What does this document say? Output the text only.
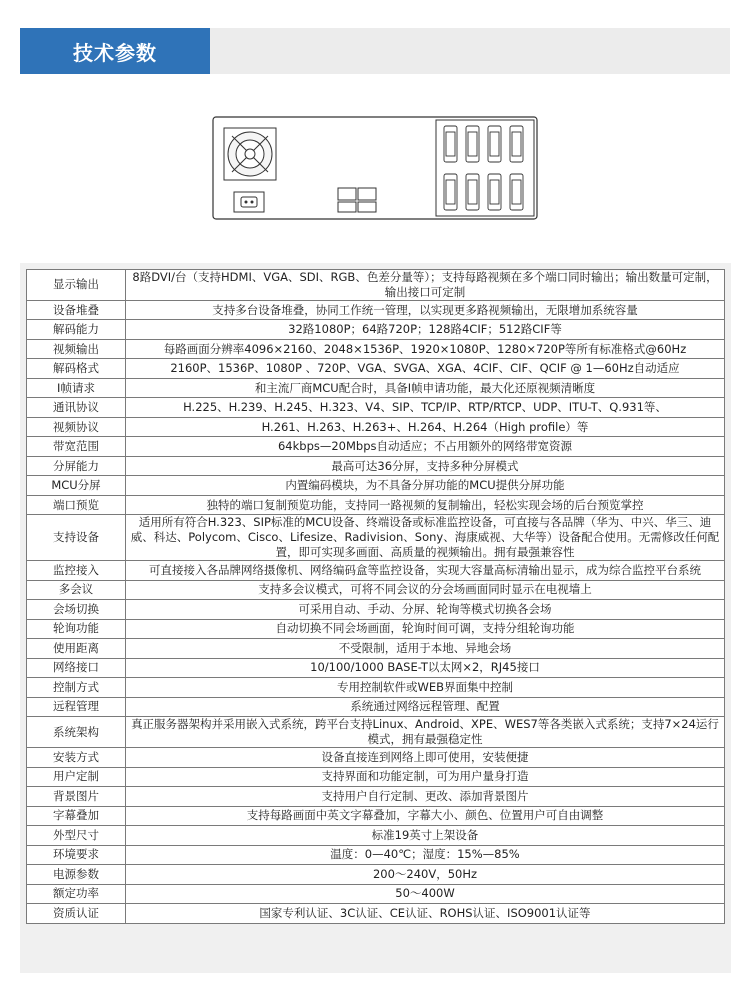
技术参数
显示输出	8路DVI/台（支持HDMI、VGA、SDI、RGB、色差分量等）；支持每路视频在多个端口同时输出；输出数量可定制，输出接口可定制
设备堆叠	支持多台设备堆叠，协同工作统一管理，以实现更多路视频输出，无限增加系统容量
解码能力	32路1080P；64路720P；128路4CIF；512路CIF等
视频输出	每路画面分辨率4096×2160、2048×1536P、1920×1080P、1280×720P等所有标准格式@60Hz
解码格式	2160P、1536P、1080P 、720P、VGA、SVGA、XGA、4CIF、CIF、QCIF @ 1—60Hz自动适应
I帧请求	和主流厂商MCU配合时，具备I帧申请功能，最大化还原视频清晰度
通讯协议	H.225、H.239、H.245、H.323、V4、SIP、TCP/IP、RTP/RTCP、UDP、ITU-T、Q.931等、
视频协议	H.261、H.263、H.263+、H.264、H.264（High profile）等
带宽范围	64kbps—20Mbps自动适应；不占用额外的网络带宽资源
分屏能力	最高可达36分屏，支持多种分屏模式
MCU分屏	内置编码模块，为不具备分屏功能的MCU提供分屏功能
端口预览	独特的端口复制预览功能，支持同一路视频的复制输出，轻松实现会场的后台预览掌控
支持设备	适用所有符合H.323、SIP标准的MCU设备、终端设备或标准监控设备，可直接与各品牌（华为、中兴、华三、迪威、科达、Polycom、Cisco、Lifesize、Radivision、Sony、海康威视、大华等）设备配合使用。无需修改任何配置，即可实现多画面、高质量的视频输出。拥有最强兼容性
监控接入	可直接接入各品牌网络摄像机、网络编码盒等监控设备，实现大容量高标清输出显示，成为综合监控平台系统
多会议	支持多会议模式，可将不同会议的分会场画面同时显示在电视墙上
会场切换	可采用自动、手动、分屏、轮询等模式切换各会场
轮询功能	自动切换不同会场画面，轮询时间可调，支持分组轮询功能
使用距离	不受限制，适用于本地、异地会场
网络接口	10/100/1000 BASE-T以太网×2，RJ45接口
控制方式	专用控制软件或WEB界面集中控制
远程管理	系统通过网络远程管理、配置
系统架构	真正服务器架构并采用嵌入式系统，跨平台支持Linux、Android、XPE、WES7等各类嵌入式系统；支持7×24运行模式，拥有最强稳定性
安装方式	设备直接连到网络上即可使用，安装便捷
用户定制	支持界面和功能定制，可为用户量身打造
背景图片	支持用户自行定制、更改、添加背景图片
字幕叠加	支持每路画面中英文字幕叠加，字幕大小、颜色、位置用户可自由调整
外型尺寸	标准19英寸上架设备
环境要求	温度：0—40℃；湿度：15%—85%
电源参数	200～240V，50Hz
额定功率	50～400W
资质认证	国家专利认证、3C认证、CE认证、ROHS认证、ISO9001认证等
